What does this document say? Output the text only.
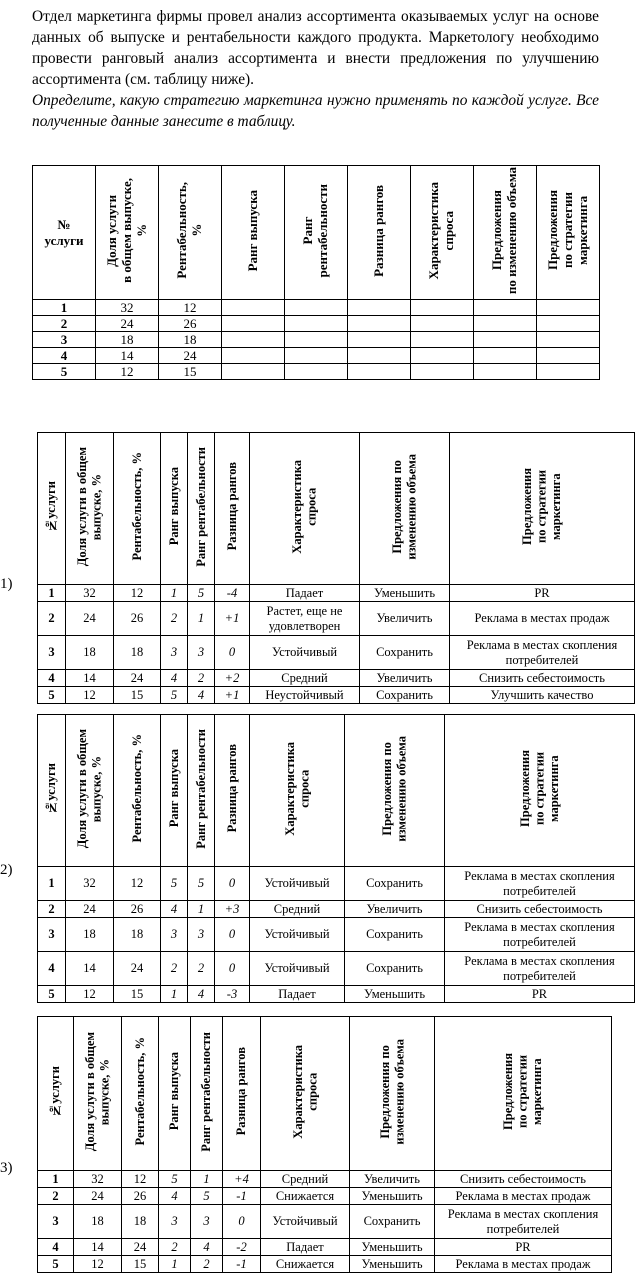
Отдел маркетинга фирмы провел анализ ассортимента оказываемых услуг на основе данных об выпуске и рентабельности каждого продукта. Маркетологу необходимо провести ранговый анализ ассортимента и внести предложения по улучшению ассортимента (см. таблицу ниже).

Определите, какую стратегию маркетинга нужно применять по каждой услуге. Все полученные данные занесите в таблицу.

№
услуги	Доля услуги
в общем выпуске,
%	Рентабельность,
%	Ранг выпуска	Ранг
рентабельности	Разница рангов	Характеристика
спроса	Предложения
по изменению объема	Предложения
по стратегии
маркетинга
1	32	12						
2	24	26						
3	18	18						
4	14	24						
5	12	15						
1)
№услуги	Доля услуги в общем
выпуске, %	Рентабельность, %	Ранг выпуска	Ранг рентабельности	Разница рангов	Характеристика
спроса	Предложения по
изменению объема	Предложения
по стратегии
маркетинга
1	32	12	1	5	-4	Падает	Уменьшить	PR
2	24	26	2	1	+1	Растет, еще не удовлетворен	Увеличить	Реклама в местах продаж
3	18	18	3	3	0	Устойчивый	Сохранить	Реклама в местах скопления потребителей
4	14	24	4	2	+2	Средний	Увеличить	Снизить себестоимость
5	12	15	5	4	+1	Неустойчивый	Сохранить	Улучшить качество
2)
№услуги	Доля услуги в общем
выпуске, %	Рентабельность, %	Ранг выпуска	Ранг рентабельности	Разница рангов	Характеристика
спроса	Предложения по
изменению объема	Предложения
по стратегии
маркетинга
1	32	12	5	5	0	Устойчивый	Сохранить	Реклама в местах скопления потребителей
2	24	26	4	1	+3	Средний	Увеличить	Снизить себестоимость
3	18	18	3	3	0	Устойчивый	Сохранить	Реклама в местах скопления потребителей
4	14	24	2	2	0	Устойчивый	Сохранить	Реклама в местах скопления потребителей
5	12	15	1	4	-3	Падает	Уменьшить	PR
3)
№услуги	Доля услуги в общем
выпуске, %	Рентабельность, %	Ранг выпуска	Ранг рентабельности	Разница рангов	Характеристика
спроса	Предложения по
изменению объема	Предложения
по стратегии
маркетинга
1	32	12	5	1	+4	Средний	Увеличить	Снизить себестоимость
2	24	26	4	5	-1	Снижается	Уменьшить	Реклама в местах продаж
3	18	18	3	3	0	Устойчивый	Сохранить	Реклама в местах скопления потребителей
4	14	24	2	4	-2	Падает	Уменьшить	PR
5	12	15	1	2	-1	Снижается	Уменьшить	Реклама в местах продаж
